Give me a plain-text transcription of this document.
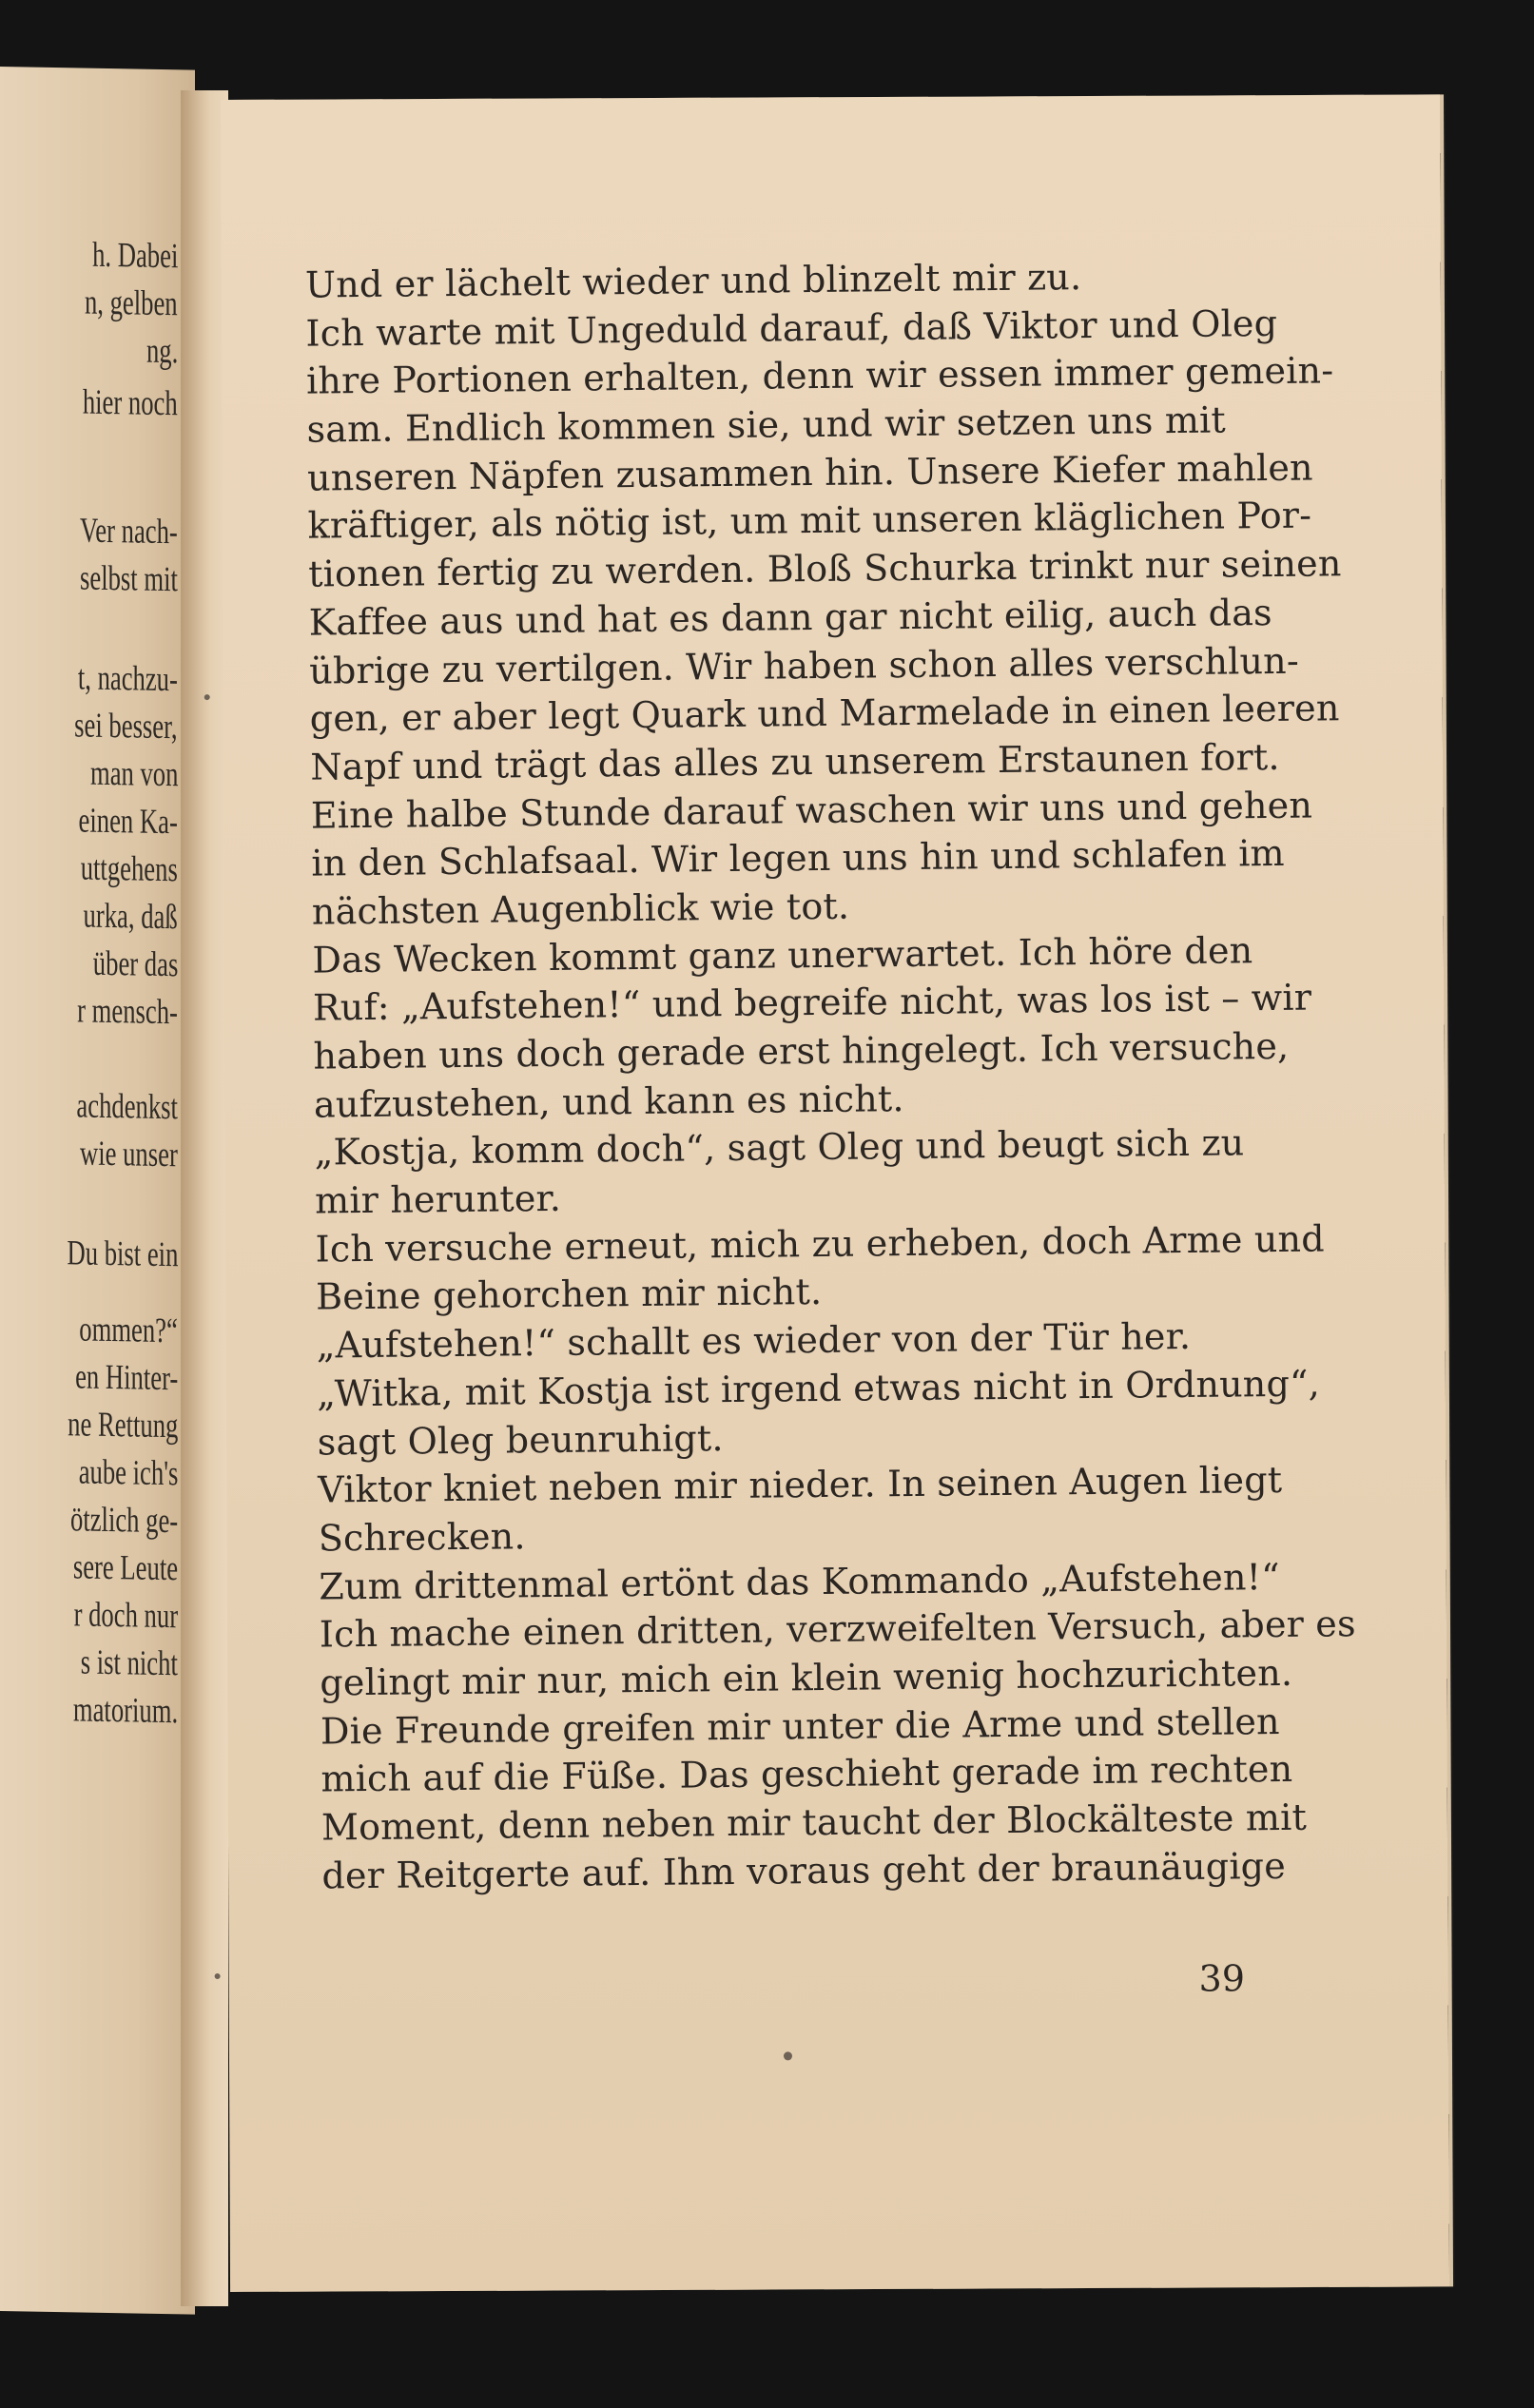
h. Dabei
n, gelben
ng.
hier noch
Ver nach-
selbst mit
t, nachzu-
sei besser,
man von
einen Ka-
uttgehens
urka, daß
über das
r mensch-
achdenkst
wie unser
Du bist ein
ommen?“
en Hinter-
ne Rettung
aube ich's
ötzlich ge-
sere Leute
r doch nur
s ist nicht
matorium.
Und er lächelt wieder und blinzelt mir zu.
Ich warte mit Ungeduld darauf, daß Viktor und Oleg
ihre Portionen erhalten, denn wir essen immer gemein-
sam. Endlich kommen sie, und wir setzen uns mit
unseren Näpfen zusammen hin. Unsere Kiefer mahlen
kräftiger, als nötig ist, um mit unseren kläglichen Por-
tionen fertig zu werden. Bloß Schurka trinkt nur seinen
Kaffee aus und hat es dann gar nicht eilig, auch das
übrige zu vertilgen. Wir haben schon alles verschlun-
gen, er aber legt Quark und Marmelade in einen leeren
Napf und trägt das alles zu unserem Erstaunen fort.
Eine halbe Stunde darauf waschen wir uns und gehen
in den Schlafsaal. Wir legen uns hin und schlafen im
nächsten Augenblick wie tot.
Das Wecken kommt ganz unerwartet. Ich höre den
Ruf: „Aufstehen!“ und begreife nicht, was los ist – wir
haben uns doch gerade erst hingelegt. Ich versuche,
aufzustehen, und kann es nicht.
„Kostja, komm doch“, sagt Oleg und beugt sich zu
mir herunter.
Ich versuche erneut, mich zu erheben, doch Arme und
Beine gehorchen mir nicht.
„Aufstehen!“ schallt es wieder von der Tür her.
„Witka, mit Kostja ist irgend etwas nicht in Ordnung“,
sagt Oleg beunruhigt.
Viktor kniet neben mir nieder. In seinen Augen liegt
Schrecken.
Zum drittenmal ertönt das Kommando „Aufstehen!“
Ich mache einen dritten, verzweifelten Versuch, aber es
gelingt mir nur, mich ein klein wenig hochzurichten.
Die Freunde greifen mir unter die Arme und stellen
mich auf die Füße. Das geschieht gerade im rechten
Moment, denn neben mir taucht der Blockälteste mit
der Reitgerte auf. Ihm voraus geht der braunäugige
39
